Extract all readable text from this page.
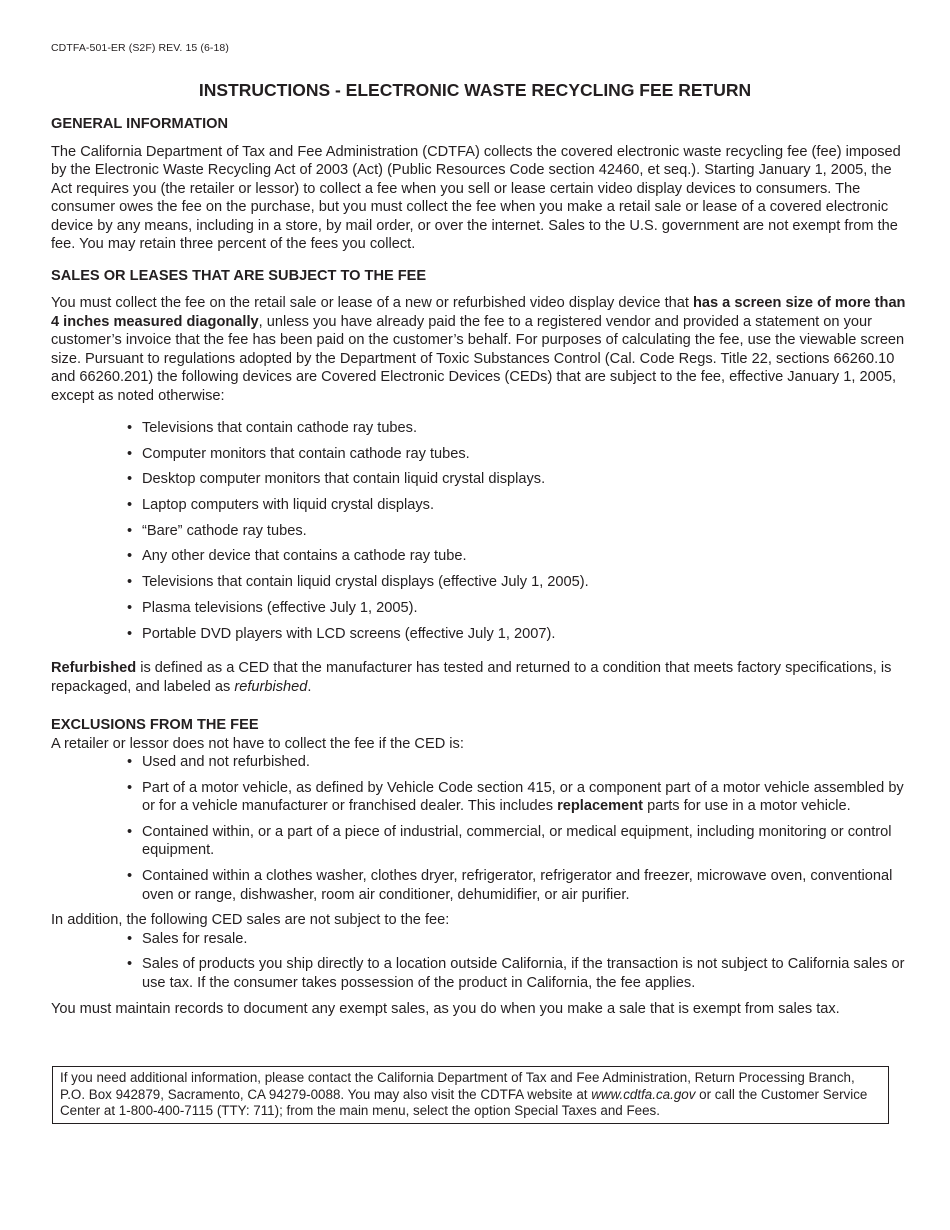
CDTFA-501-ER (S2F) REV. 15 (6-18)
INSTRUCTIONS - ELECTRONIC WASTE RECYCLING FEE RETURN
GENERAL INFORMATION

The California Department of Tax and Fee Administration (CDTFA) collects the covered electronic waste recycling fee (fee) imposed by the Electronic Waste Recycling Act of 2003 (Act) (Public Resources Code section 42460, et seq.). Starting January 1, 2005, the Act requires you (the retailer or lessor) to collect a fee when you sell or lease certain video display devices to consumers. The consumer owes the fee on the purchase, but you must collect the fee when you make a retail sale or lease of a covered electronic device by any means, including in a store, by mail order, or over the internet. Sales to the U.S. government are not exempt from the fee. You may retain three percent of the fees you collect.

SALES OR LEASES THAT ARE SUBJECT TO THE FEE

You must collect the fee on the retail sale or lease of a new or refurbished video display device that has a screen size of more than 4 inches measured diagonally, unless you have already paid the fee to a registered vendor and provided a statement on your customer’s invoice that the fee has been paid on the customer’s behalf. For purposes of calculating the fee, use the viewable screen size. Pursuant to regulations adopted by the Department of Toxic Substances Control (Cal. Code Regs. Title 22, sections 66260.10 and 66260.201) the following devices are Covered Electronic Devices (CEDs) that are subject to the fee, effective January 1, 2005, except as noted otherwise:

• Televisions that contain cathode ray tubes.
• Computer monitors that contain cathode ray tubes.
• Desktop computer monitors that contain liquid crystal displays.
• Laptop computers with liquid crystal displays.
• “Bare” cathode ray tubes.
• Any other device that contains a cathode ray tube.
• Televisions that contain liquid crystal displays (effective July 1, 2005).
• Plasma televisions (effective July 1, 2005).
• Portable DVD players with LCD screens (effective July 1, 2007).

Refurbished is defined as a CED that the manufacturer has tested and returned to a condition that meets factory specifications, is repackaged, and labeled as refurbished.

EXCLUSIONS FROM THE FEE

A retailer or lessor does not have to collect the fee if the CED is:

• Used and not refurbished.
• Part of a motor vehicle, as defined by Vehicle Code section 415, or a component part of a motor vehicle assembled by or for a vehicle manufacturer or franchised dealer. This includes replacement parts for use in a motor vehicle.
• Contained within, or a part of a piece of industrial, commercial, or medical equipment, including monitoring or control equipment.
• Contained within a clothes washer, clothes dryer, refrigerator, refrigerator and freezer, microwave oven, conventional oven or range, dishwasher, room air conditioner, dehumidifier, or air purifier.

In addition, the following CED sales are not subject to the fee:

• Sales for resale.
• Sales of products you ship directly to a location outside California, if the transaction is not subject to California sales or use tax. If the consumer takes possession of the product in California, the fee applies.

You must maintain records to document any exempt sales, as you do when you make a sale that is exempt from sales tax.

If you need additional information, please contact the California Department of Tax and Fee Administration, Return Processing Branch, P.O. Box 942879, Sacramento, CA 94279-0088. You may also visit the CDTFA website at www.cdtfa.ca.gov or call the Customer Service Center at 1-800-400-7115 (TTY: 711); from the main menu, select the option Special Taxes and Fees.
